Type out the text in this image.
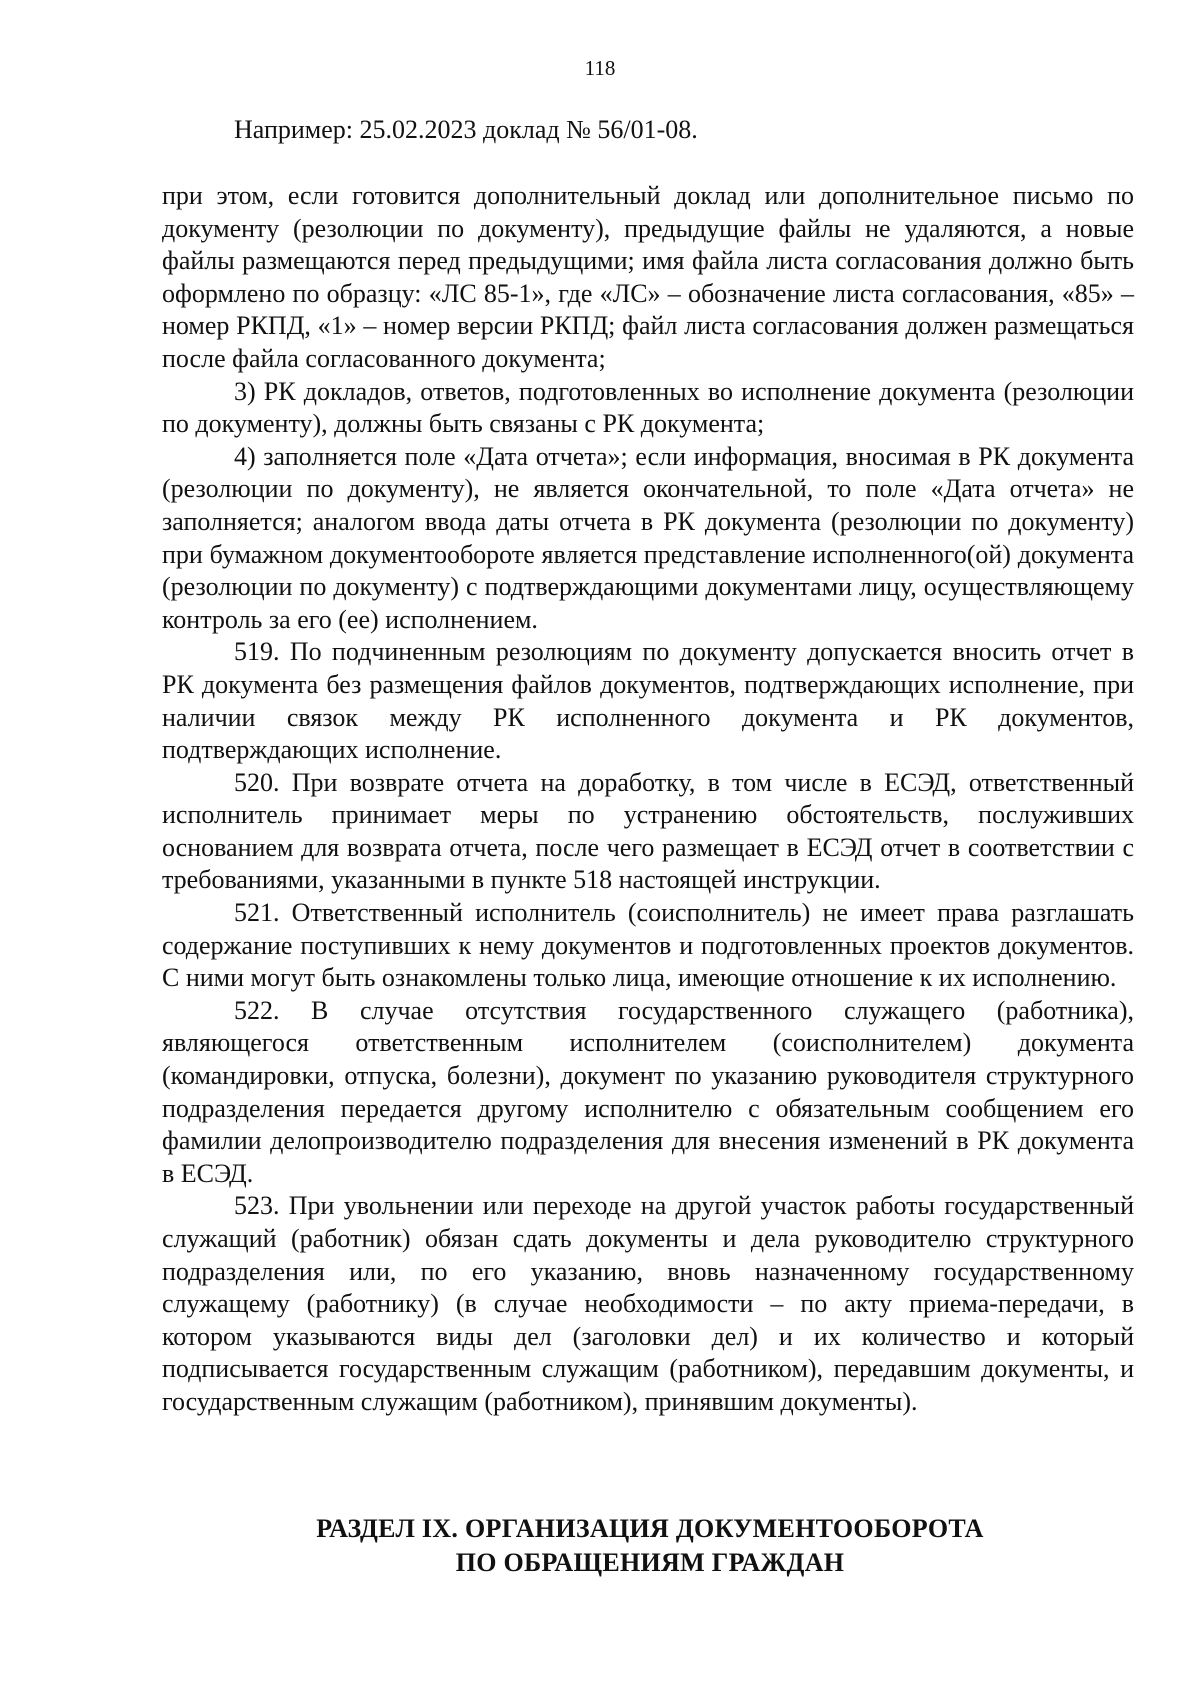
118
Например: 25.02.2023 доклад № 56/01-08.

при этом, если готовится дополнительный доклад или дополнительное письмо по документу (резолюции по документу), предыдущие файлы не удаляются, а новые файлы размещаются перед предыдущими; имя файла листа согласования должно быть оформлено по образцу: «ЛС 85-1», где «ЛС» – обозначение листа согласования, «85» – номер РКПД, «1» – номер версии РКПД; файл листа согласования должен размещаться после файла согласованного документа;

3) РК докладов, ответов, подготовленных во исполнение документа (резолюции по документу), должны быть связаны с РК документа;

4) заполняется поле «Дата отчета»; если информация, вносимая в РК документа (резолюции по документу), не является окончательной, то поле «Дата отчета» не заполняется; аналогом ввода даты отчета в РК документа (резолюции по документу) при бумажном документообороте является представление исполненного(ой) документа (резолюции по документу) с подтверждающими документами лицу, осуществляющему контроль за его (ее) исполнением.

519. По подчиненным резолюциям по документу допускается вносить отчет в РК документа без размещения файлов документов, подтверждающих исполнение, при наличии связок между РК исполненного документа и РК документов, подтверждающих исполнение.

520. При возврате отчета на доработку, в том числе в ЕСЭД, ответственный исполнитель принимает меры по устранению обстоятельств, послуживших основанием для возврата отчета, после чего размещает в ЕСЭД отчет в соответствии с требованиями, указанными в пункте 518 настоящей инструкции.

521. Ответственный исполнитель (соисполнитель) не имеет права разглашать содержание поступивших к нему документов и подготовленных проектов документов. С ними могут быть ознакомлены только лица, имеющие отношение к их исполнению.

522. В случае отсутствия государственного служащего (работника), являющегося ответственным исполнителем (соисполнителем) документа (командировки, отпуска, болезни), документ по указанию руководителя структурного подразделения передается другому исполнителю с обязательным сообщением его фамилии делопроизводителю подразделения для внесения изменений в РК документа в ЕСЭД.

523. При увольнении или переходе на другой участок работы государственный служащий (работник) обязан сдать документы и дела руководителю структурного подразделения или, по его указанию, вновь назначенному государственному служащему (работнику) (в случае необходимости – по акту приема-передачи, в котором указываются виды дел (заголовки дел) и их количество и который подписывается государственным служащим (работником), передавшим документы, и государственным служащим (работником), принявшим документы).

РАЗДЕЛ IX. ОРГАНИЗАЦИЯ ДОКУМЕНТООБОРОТА
ПО ОБРАЩЕНИЯМ ГРАЖДАН
